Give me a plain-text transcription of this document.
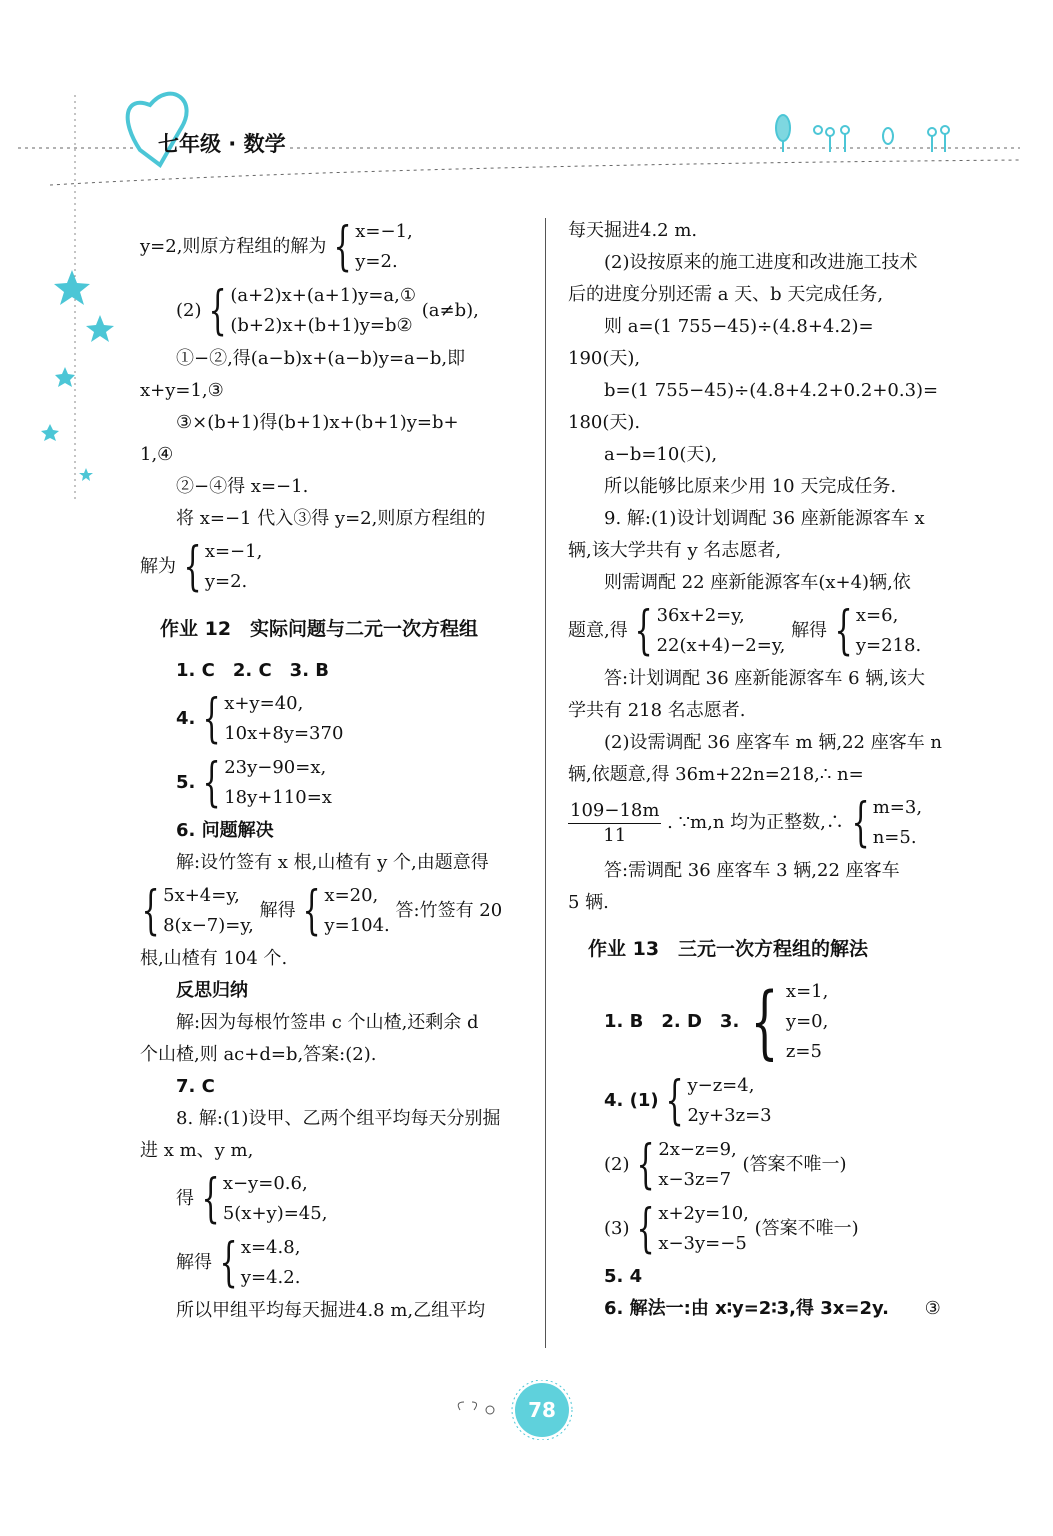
七年级 · 数学
y=2,则原方程组的解为 { x=−1,
y=2.
(2) { (a+2)x+(a+1)y=a,①
(b+2)x+(b+1)y=b②
(a≠b),
①−②,得(a−b)x+(a−b)y=a−b,即
x+y=1,③
③×(b+1)得(b+1)x+(b+1)y=b+
1,④
②−④得 x=−1.
将 x=−1 代入③得 y=2,则原方程组的
解为 { x=−1,
y=2.
作业 12　实际问题与二元一次方程组
1. C　2. C　3. B
4. { x+y=40,
10x+8y=370
5. { 23y−90=x,
18y+110=x
6. 问题解决
解:设竹签有 x 根,山楂有 y 个,由题意得
{ 5x+4=y,
8(x−7)=y,
解得 { x=20,
y=104.
答:竹签有 20
根,山楂有 104 个.
反思归纳
解:因为每根竹签串 c 个山楂,还剩余 d
个山楂,则 ac+d=b,答案:(2).
7. C
8. 解:(1)设甲、乙两个组平均每天分别掘
进 x m、y m,
得 { x−y=0.6,
5(x+y)=45,
解得 { x=4.8,
y=4.2.
所以甲组平均每天掘进4.8 m,乙组平均
每天掘进4.2 m.
(2)设按原来的施工进度和改进施工技术
后的进度分别还需 a 天、b 天完成任务,
则 a=(1 755−45)÷(4.8+4.2)=
190(天),
b=(1 755−45)÷(4.8+4.2+0.2+0.3)=
180(天).
a−b=10(天),
所以能够比原来少用 10 天完成任务.
9. 解:(1)设计划调配 36 座新能源客车 x
辆,该大学共有 y 名志愿者,
则需调配 22 座新能源客车(x+4)辆,依
题意,得 { 36x+2=y,
22(x+4)−2=y,
解得 { x=6,
y=218.
答:计划调配 36 座新能源客车 6 辆,该大
学共有 218 名志愿者.
(2)设需调配 36 座客车 m 辆,22 座客车 n
辆,依题意,得 36m+22n=218,∴ n=
$\frac{109-18m}{11}$ . ∵m,n 均为正整数,∴ { m=3,
n=5.
答:需调配 36 座客车 3 辆,22 座客车
5 辆.
作业 13　三元一次方程组的解法
1. B　2. D　3. { x=1,
y=0,
z=5
4. (1) { y−z=4,
2y+3z=3
(2) { 2x−z=9,
x−3z=7
(答案不唯一)
(3) { x+2y=10,
x−3y=−5
(答案不唯一)
5. 4
6. 解法一:由 x∶y=2∶3,得 3x=2y. ③
78
